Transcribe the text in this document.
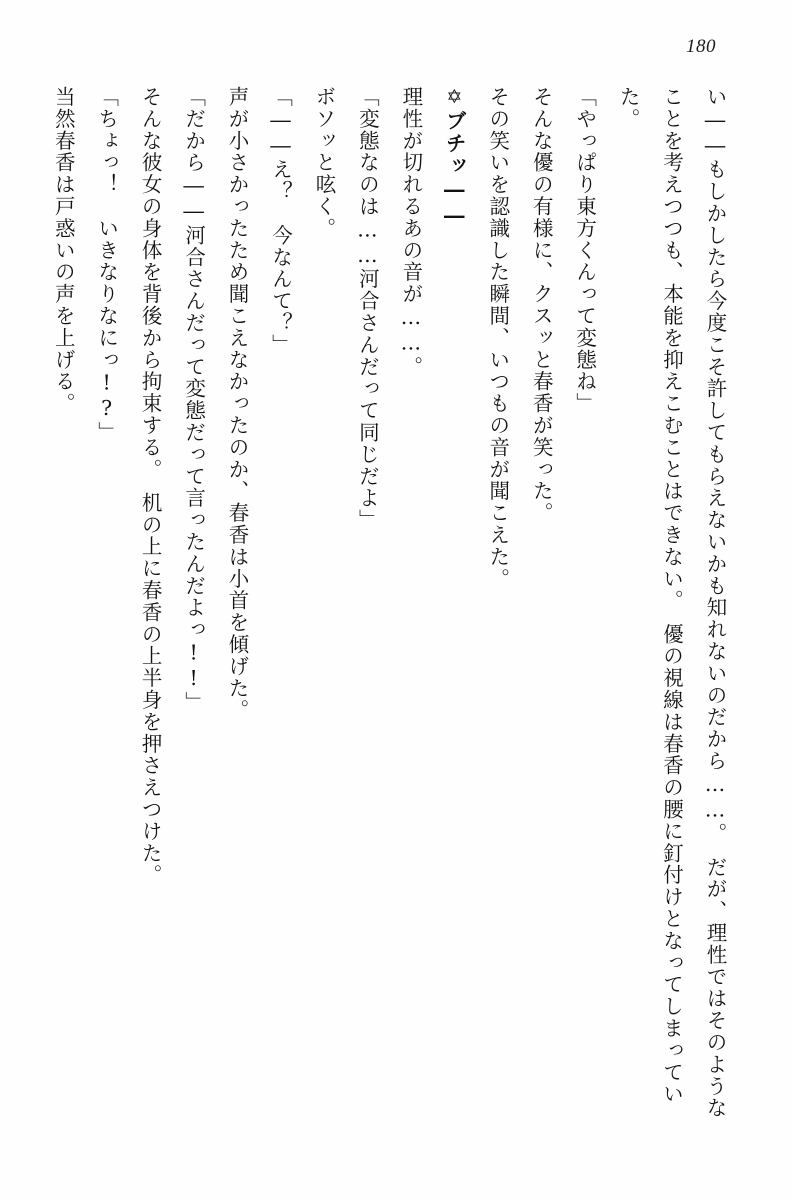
180

い――もしかしたら今度こそ許してもらえないかも知れないのだから……。　だが、理性ではそのようなことを考えつつも、本能を抑えこむことはできない。　優の視線は春香の腰に釘付けとなってしまっていた。

「やっぱり東方くんって変態ね」

そんな優の有様に、クスッと春香が笑った。

その笑いを認識した瞬間、いつもの音が聞こえた。

✡ブチッ――

理性が切れるあの音が……。

「変態なのは……河合さんだって同じだよ」

ボソッと呟く。

「――え？　今なんて？」

声が小さかったため聞こえなかったのか、春香は小首を傾げた。

「だから――河合さんだって変態だって言ったんだよっ!!」

そんな彼女の身体を背後から拘束する。　机の上に春香の上半身を押さえつけた。

「ちょっ！　いきなりなにっ!?」

当然春香は戸惑いの声を上げる。
